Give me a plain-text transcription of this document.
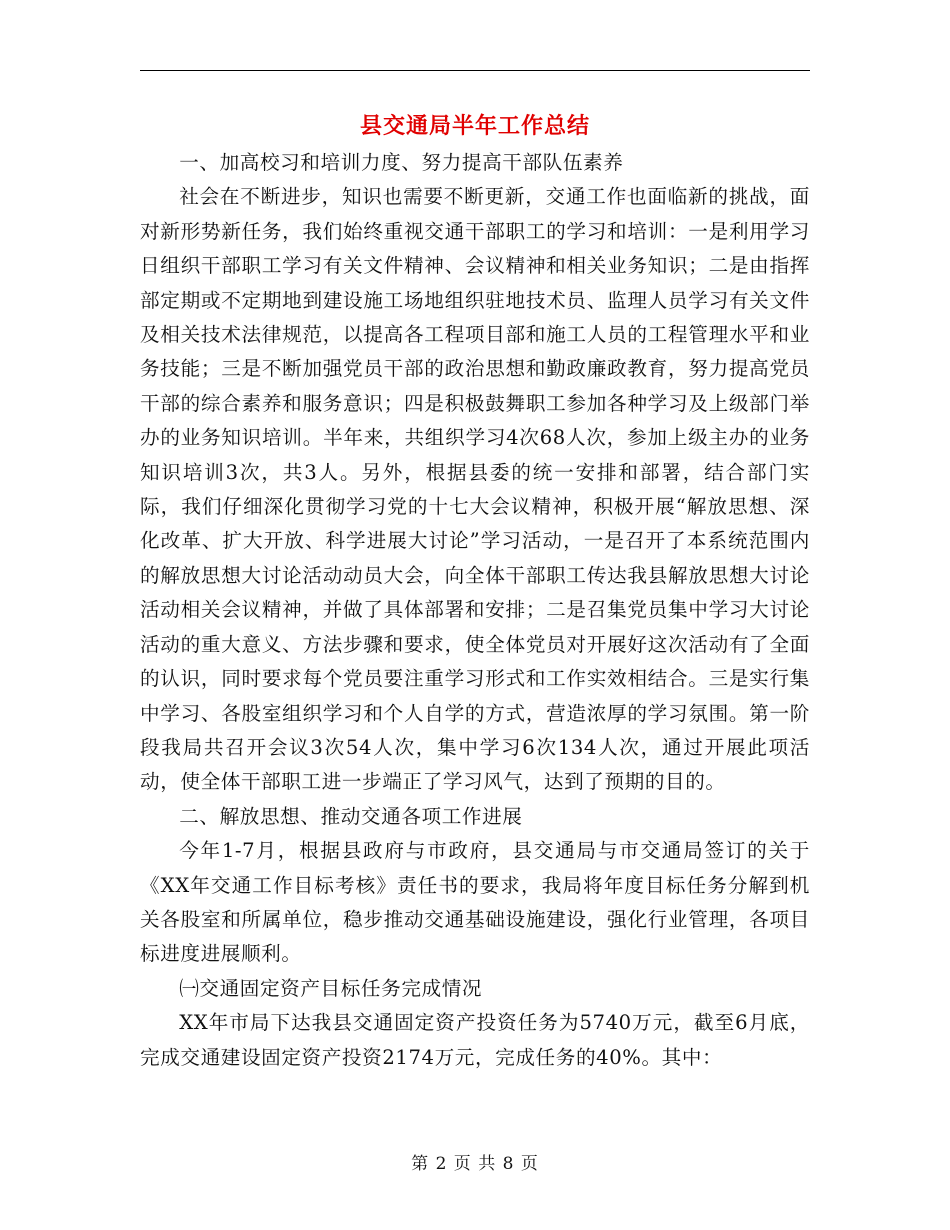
县交通局半年工作总结

一、加高校习和培训力度、努力提高干部队伍素养

社会在不断进步，知识也需要不断更新，交通工作也面临新的挑战，面对新形势新任务，我们始终重视交通干部职工的学习和培训：一是利用学习日组织干部职工学习有关文件精神、会议精神和相关业务知识；二是由指挥部定期或不定期地到建设施工场地组织驻地技术员、监理人员学习有关文件及相关技术法律规范，以提高各工程项目部和施工人员的工程管理水平和业务技能；三是不断加强党员干部的政治思想和勤政廉政教育，努力提高党员干部的综合素养和服务意识；四是积极鼓舞职工参加各种学习及上级部门举办的业务知识培训。半年来，共组织学习4次68人次，参加上级主办的业务知识培训3次，共3人。另外，根据县委的统一安排和部署，结合部门实际，我们仔细深化贯彻学习党的十七大会议精神，积极开展“解放思想、深化改革、扩大开放、科学进展大讨论”学习活动，一是召开了本系统范围内的解放思想大讨论活动动员大会，向全体干部职工传达我县解放思想大讨论活动相关会议精神，并做了具体部署和安排；二是召集党员集中学习大讨论活动的重大意义、方法步骤和要求，使全体党员对开展好这次活动有了全面的认识，同时要求每个党员要注重学习形式和工作实效相结合。三是实行集中学习、各股室组织学习和个人自学的方式，营造浓厚的学习氛围。第一阶段我局共召开会议3次54人次，集中学习6次134人次，通过开展此项活动，使全体干部职工进一步端正了学习风气，达到了预期的目的。

二、解放思想、推动交通各项工作进展

今年1-7月，根据县政府与市政府，县交通局与市交通局签订的关于《XX年交通工作目标考核》责任书的要求，我局将年度目标任务分解到机关各股室和所属单位，稳步推动交通基础设施建设，强化行业管理，各项目标进度进展顺利。

㈠交通固定资产目标任务完成情况

XX年市局下达我县交通固定资产投资任务为5740万元，截至6月底，完成交通建设固定资产投资2174万元，完成任务的40%。其中：

第 2 页 共 8 页
